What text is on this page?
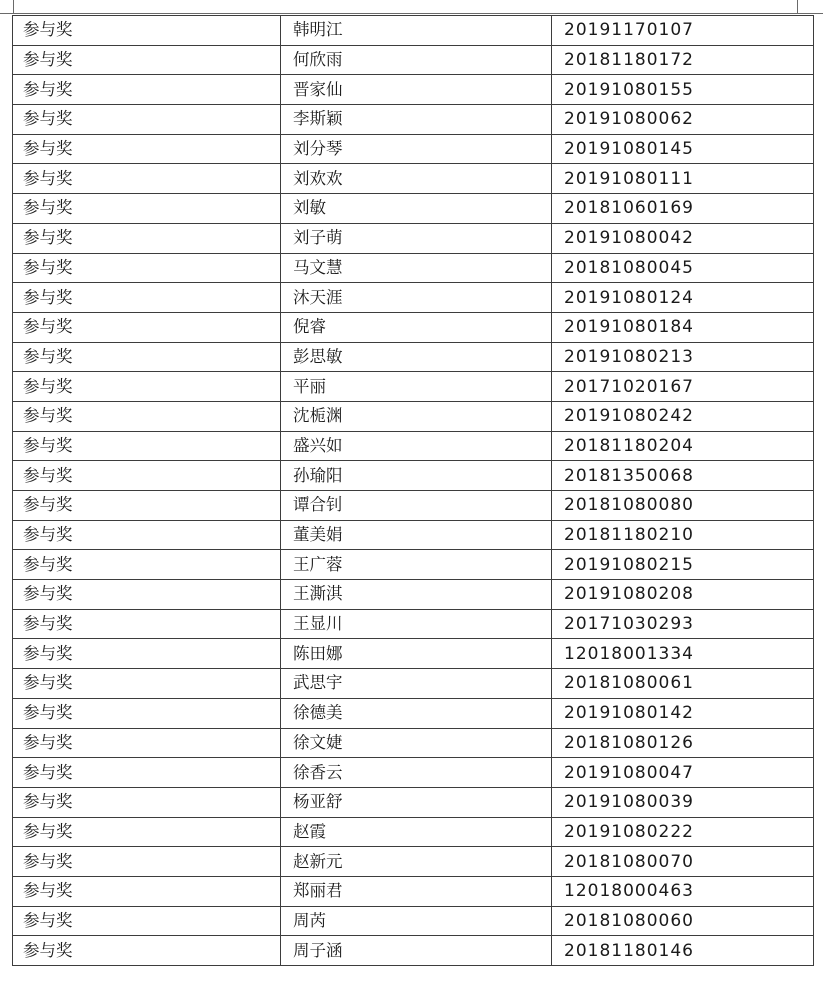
参与奖	韩明江	20191170107
参与奖	何欣雨	20181180172
参与奖	晋家仙	20191080155
参与奖	李斯颖	20191080062
参与奖	刘分琴	20191080145
参与奖	刘欢欢	20191080111
参与奖	刘敏	20181060169
参与奖	刘子萌	20191080042
参与奖	马文慧	20181080045
参与奖	沐天涯	20191080124
参与奖	倪睿	20191080184
参与奖	彭思敏	20191080213
参与奖	平丽	20171020167
参与奖	沈栀渊	20191080242
参与奖	盛兴如	20181180204
参与奖	孙瑜阳	20181350068
参与奖	谭合钊	20181080080
参与奖	董美娟	20181180210
参与奖	王广蓉	20191080215
参与奖	王澌淇	20191080208
参与奖	王显川	20171030293
参与奖	陈田娜	12018001334
参与奖	武思宇	20181080061
参与奖	徐德美	20191080142
参与奖	徐文婕	20181080126
参与奖	徐香云	20191080047
参与奖	杨亚舒	20191080039
参与奖	赵霞	20191080222
参与奖	赵新元	20181080070
参与奖	郑丽君	12018000463
参与奖	周芮	20181080060
参与奖	周子涵	20181180146
